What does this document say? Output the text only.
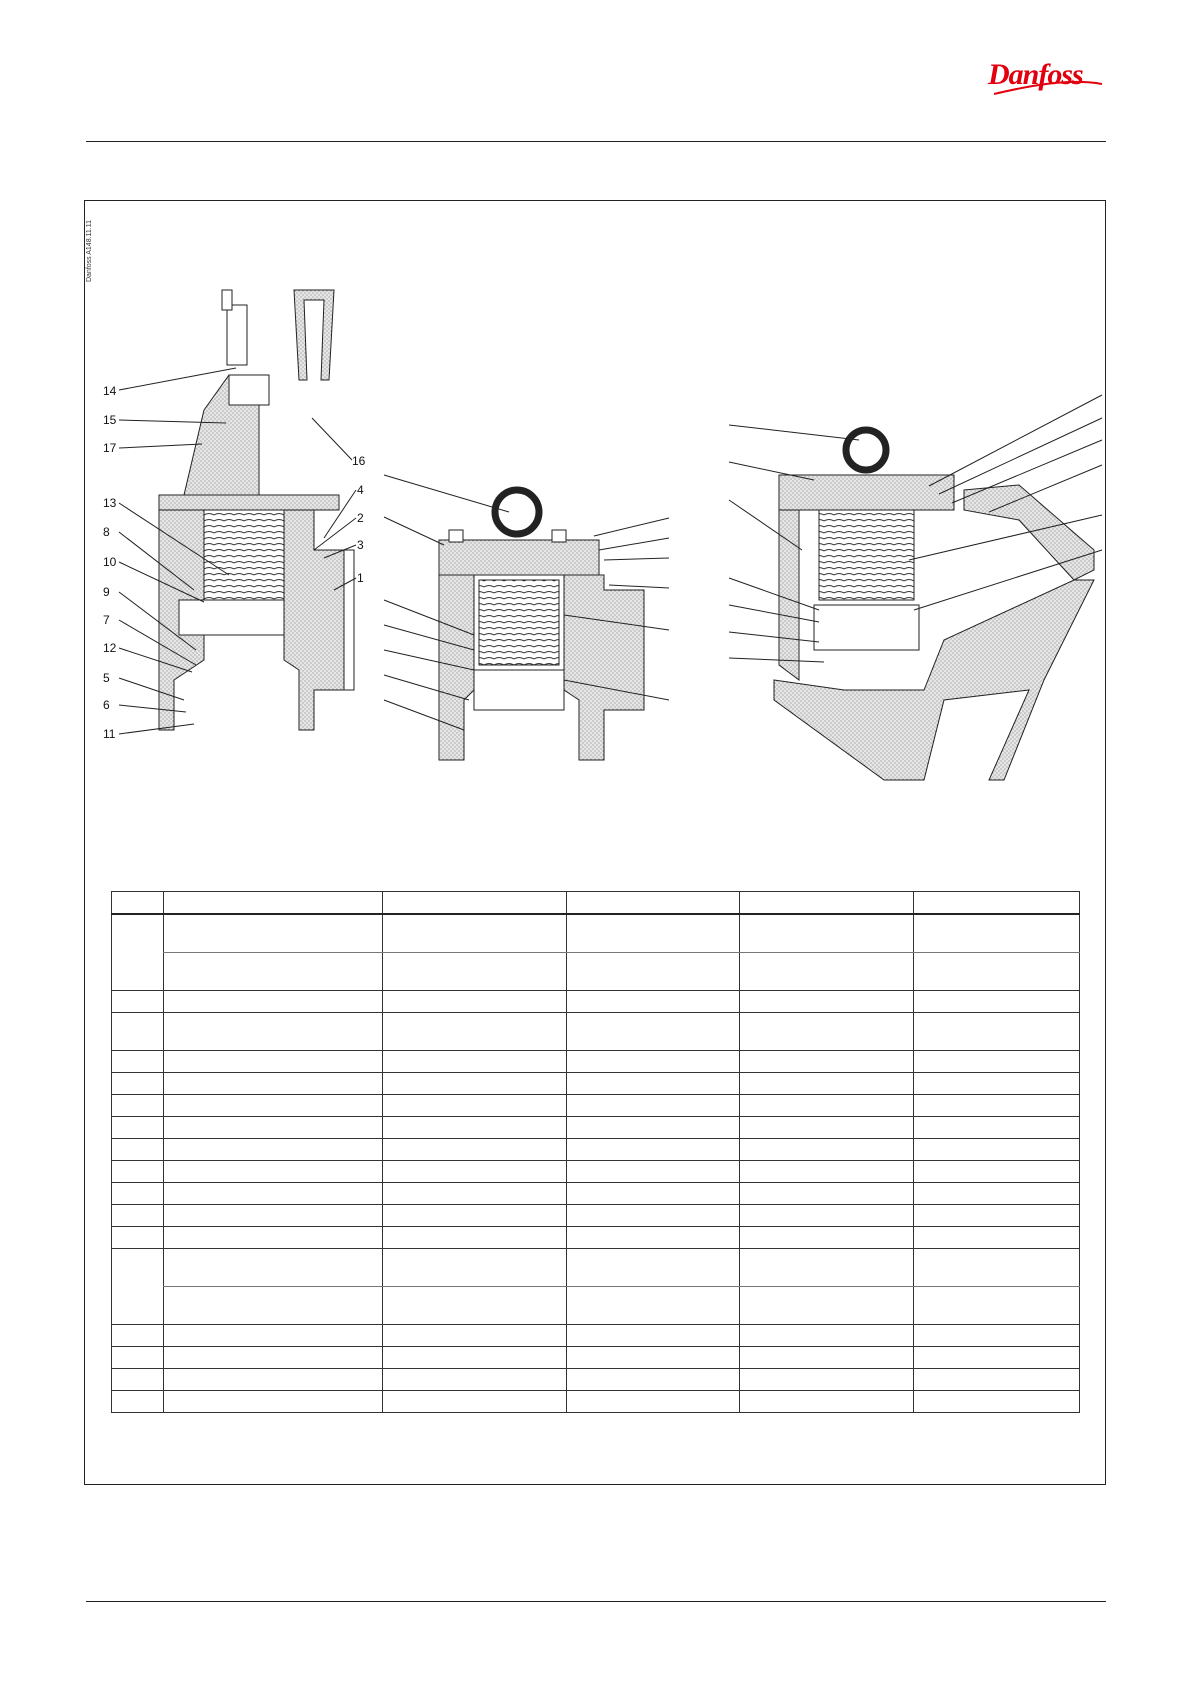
Danfoss
Danfoss A148.11.11
14
15
17
13
8
10
9
7
12
5
6
11
16
4
2
3
1
